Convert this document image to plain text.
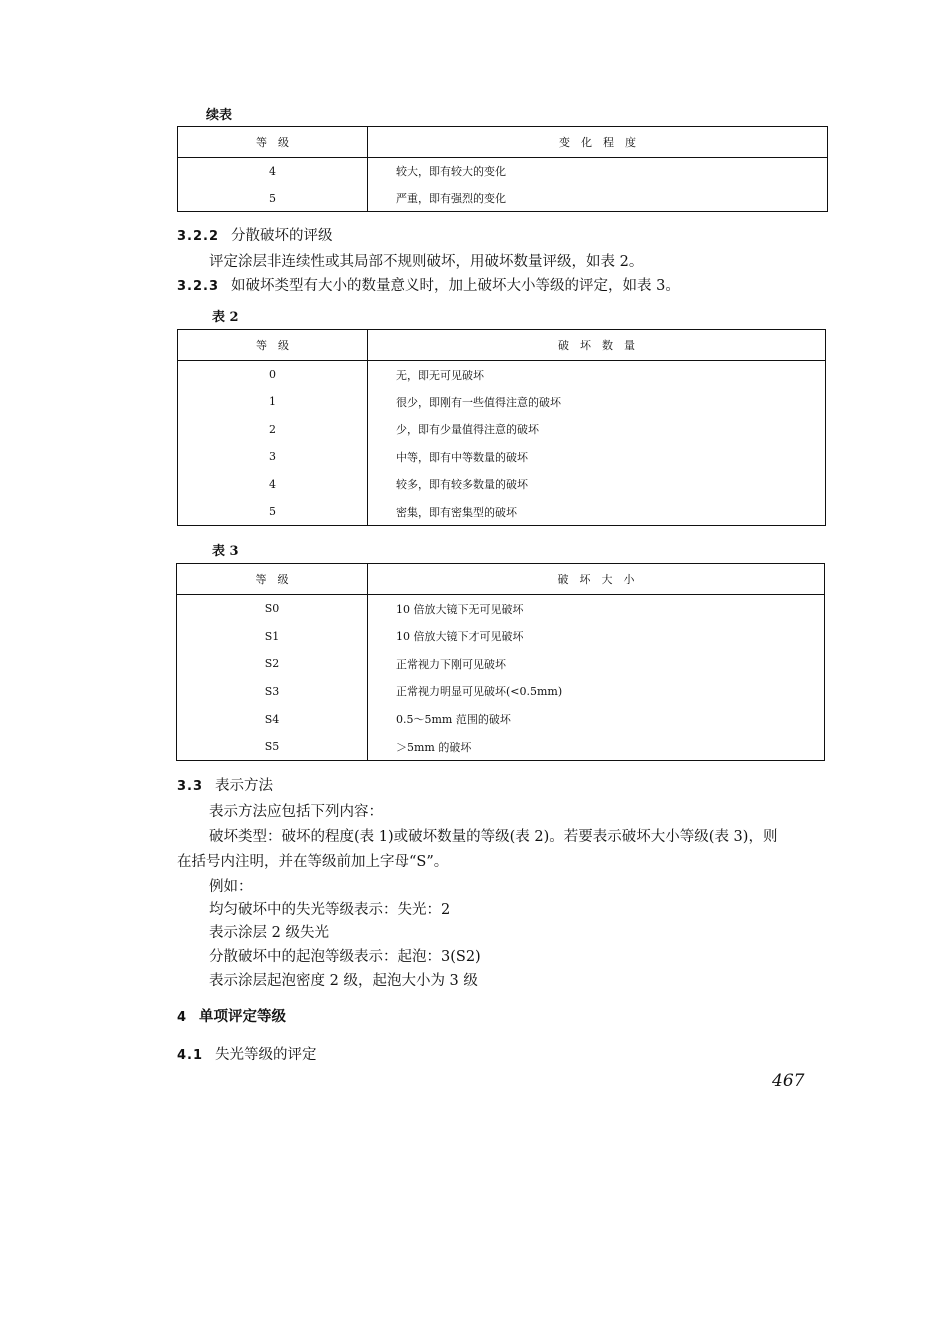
续表
等　级	变　化　程　度
4	较大，即有较大的变化
5	严重，即有强烈的变化
3.2.2 分散破坏的评级
评定涂层非连续性或其局部不规则破坏，用破坏数量评级，如表 2。
3.2.3 如破坏类型有大小的数量意义时，加上破坏大小等级的评定，如表 3。
表 2
等　级	破　坏　数　量
0	无，即无可见破坏
1	很少，即刚有一些值得注意的破坏
2	少，即有少量值得注意的破坏
3	中等，即有中等数量的破坏
4	较多，即有较多数量的破坏
5	密集，即有密集型的破坏
表 3
等　级	破　坏　大　小
S0	10 倍放大镜下无可见破坏
S1	10 倍放大镜下才可见破坏
S2	正常视力下刚可见破坏
S3	正常视力明显可见破坏(<0.5mm)
S4	0.5～5mm 范围的破坏
S5	＞5mm 的破坏
3.3 表示方法
表示方法应包括下列内容：
破坏类型：破坏的程度(表 1)或破坏数量的等级(表 2)。若要表示破坏大小等级(表 3)，则
在括号内注明，并在等级前加上字母“S”。
例如：
均匀破坏中的失光等级表示：失光：2
表示涂层 2 级失光
分散破坏中的起泡等级表示：起泡：3(S2)
表示涂层起泡密度 2 级，起泡大小为 3 级
4 单项评定等级
4.1 失光等级的评定
467
